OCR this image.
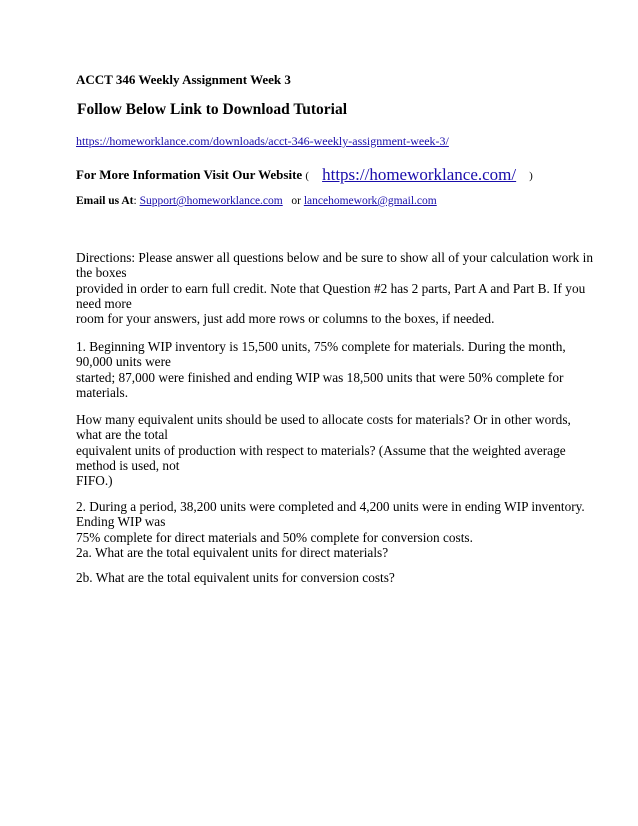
ACCT 346 Weekly Assignment Week 3
Follow Below Link to Download Tutorial
https://homeworklance.com/downloads/acct-346-weekly-assignment-week-3/
For More Information Visit Our Website ( https://homeworklance.com/ )
Email us At: Support@homeworklance.com or lancehomework@gmail.com
Directions: Please answer all questions below and be sure to show all of your calculation work in
the boxes
provided in order to earn full credit. Note that Question #2 has 2 parts, Part A and Part B. If you
need more
room for your answers, just add more rows or columns to the boxes, if needed.
1. Beginning WIP inventory is 15,500 units, 75% complete for materials. During the month,
90,000 units were
started; 87,000 were finished and ending WIP was 18,500 units that were 50% complete for
materials.
How many equivalent units should be used to allocate costs for materials? Or in other words,
what are the total
equivalent units of production with respect to materials? (Assume that the weighted average
method is used, not
FIFO.)
2. During a period, 38,200 units were completed and 4,200 units were in ending WIP inventory.
Ending WIP was
75% complete for direct materials and 50% complete for conversion costs.
2a. What are the total equivalent units for direct materials?
2b. What are the total equivalent units for conversion costs?
